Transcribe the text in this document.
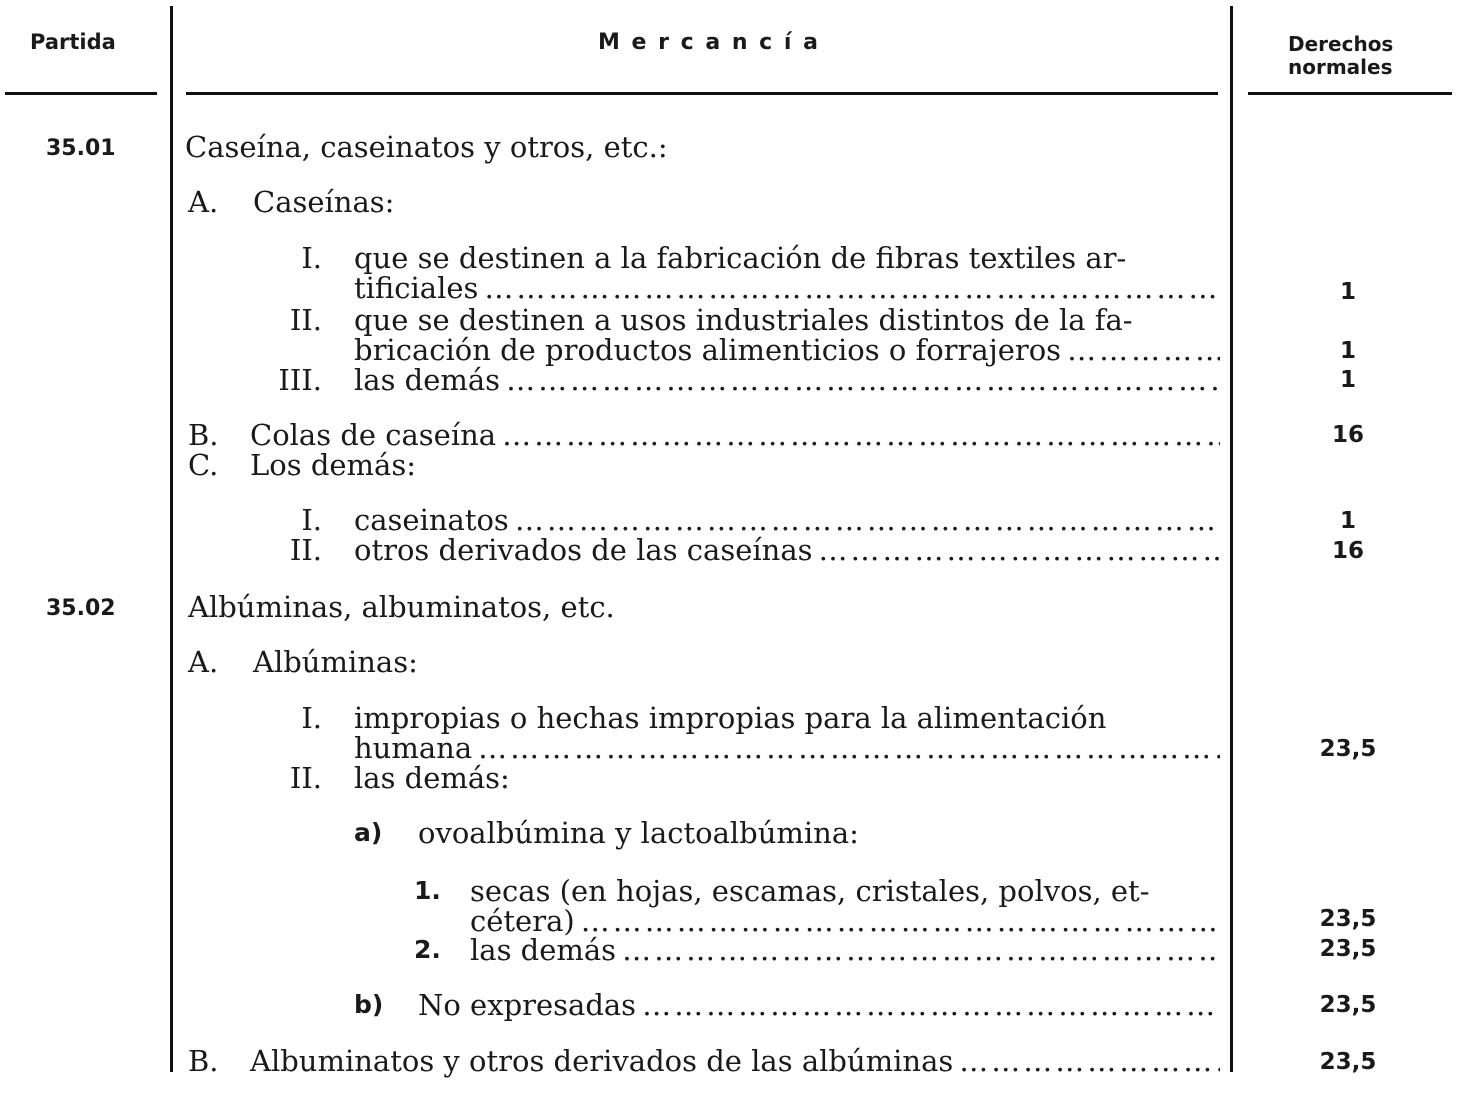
Partida	M e r c a n c í a	Derechos
normales
35.01 Caseína, caseinatos y otros, etc.:
A. Caseínas:
I. que se destinen a la fabricación de fibras textiles ar-
tificiales ……………………………………………………………………………………………………………………………………………………………………	1
II. que se destinen a usos industriales distintos de la fa-
bricación de productos alimenticios o forrajeros ……………………………………………………………………………………………………………………………………………………………………	1
III. las demás ……………………………………………………………………………………………………………………………………………………………………	1
B. Colas de caseína ……………………………………………………………………………………………………………………………………………………………………	16
C. Los demás:
I. caseinatos ……………………………………………………………………………………………………………………………………………………………………	1
II. otros derivados de las caseínas ……………………………………………………………………………………………………………………………………………………………………	16
35.02 Albúminas, albuminatos, etc.
A. Albúminas:
I. impropias o hechas impropias para la alimentación
humana ……………………………………………………………………………………………………………………………………………………………………	23,5
II. las demás:
a) ovoalbúmina y lactoalbúmina:
1. secas (en hojas, escamas, cristales, polvos, et-
cétera) ……………………………………………………………………………………………………………………………………………………………………	23,5
2. las demás ……………………………………………………………………………………………………………………………………………………………………	23,5
b) No expresadas ……………………………………………………………………………………………………………………………………………………………………	23,5
B. Albuminatos y otros derivados de las albúminas ……………………………………………………………………………………………………………………………………………………………………	23,5
